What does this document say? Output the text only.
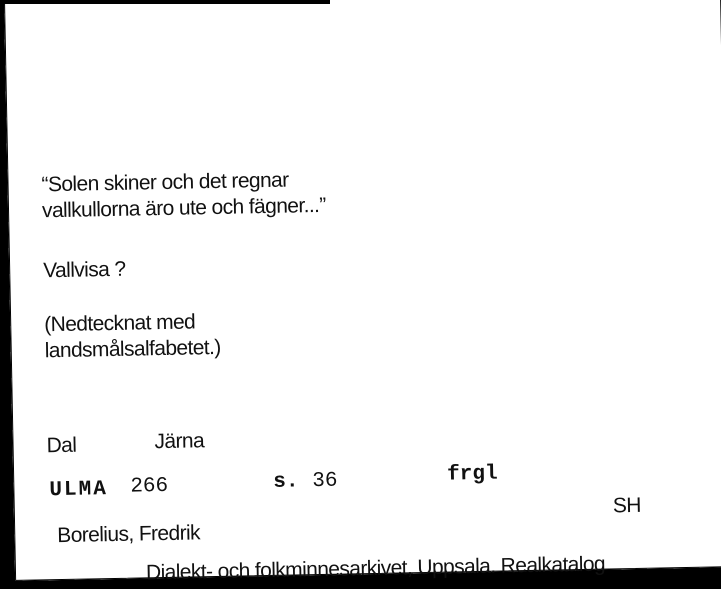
“Solen skiner och det regnar
vallkullorna äro ute och fägner...”
Vallvisa ?
(Nedtecknat med
landsmålsalfabetet.)
Dal	Järna
ULMA 266	s. 36	frgl
Borelius, Fredrik
SH
Dialekt- och folkminnesarkivet, Uppsala. Realkatalog
